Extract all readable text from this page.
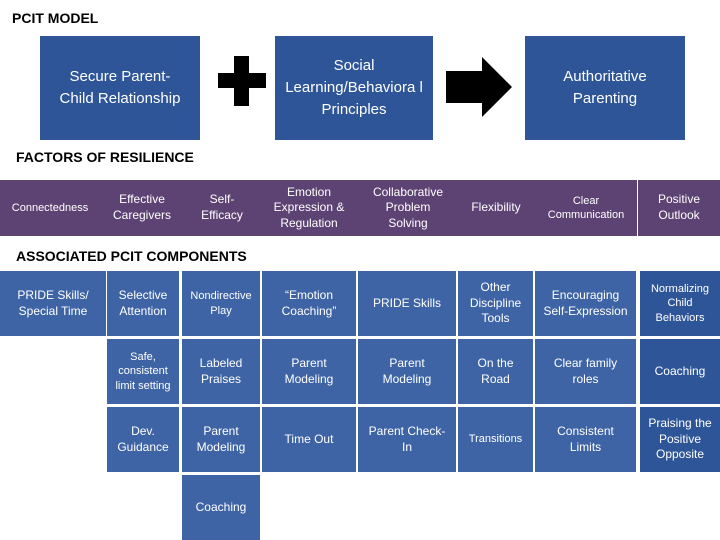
PCIT MODEL
FACTORS OF RESILIENCE
ASSOCIATED PCIT COMPONENTS
Secure Parent-Child Relationship
Social Learning/Behaviora l Principles
Authoritative Parenting
Connectedness
Effective Caregivers
Self-Efficacy
Emotion Expression & Regulation
Collaborative Problem Solving
Flexibility	Clear Communication
Positive Outlook
PRIDE Skills/ Special Time
Selective Attention
Nondirective Play
“Emotion Coaching”
PRIDE Skills
Other Discipline Tools
Encouraging Self-Expression
Normalizing Child Behaviors
Safe, consistent limit setting
Labeled Praises
Parent Modeling
Parent Modeling
On the Road
Clear family roles
Coaching
Dev. Guidance
Parent Modeling
Time Out
Parent Check-In
Transitions
Consistent Limits
Praising the Positive Opposite
Coaching
